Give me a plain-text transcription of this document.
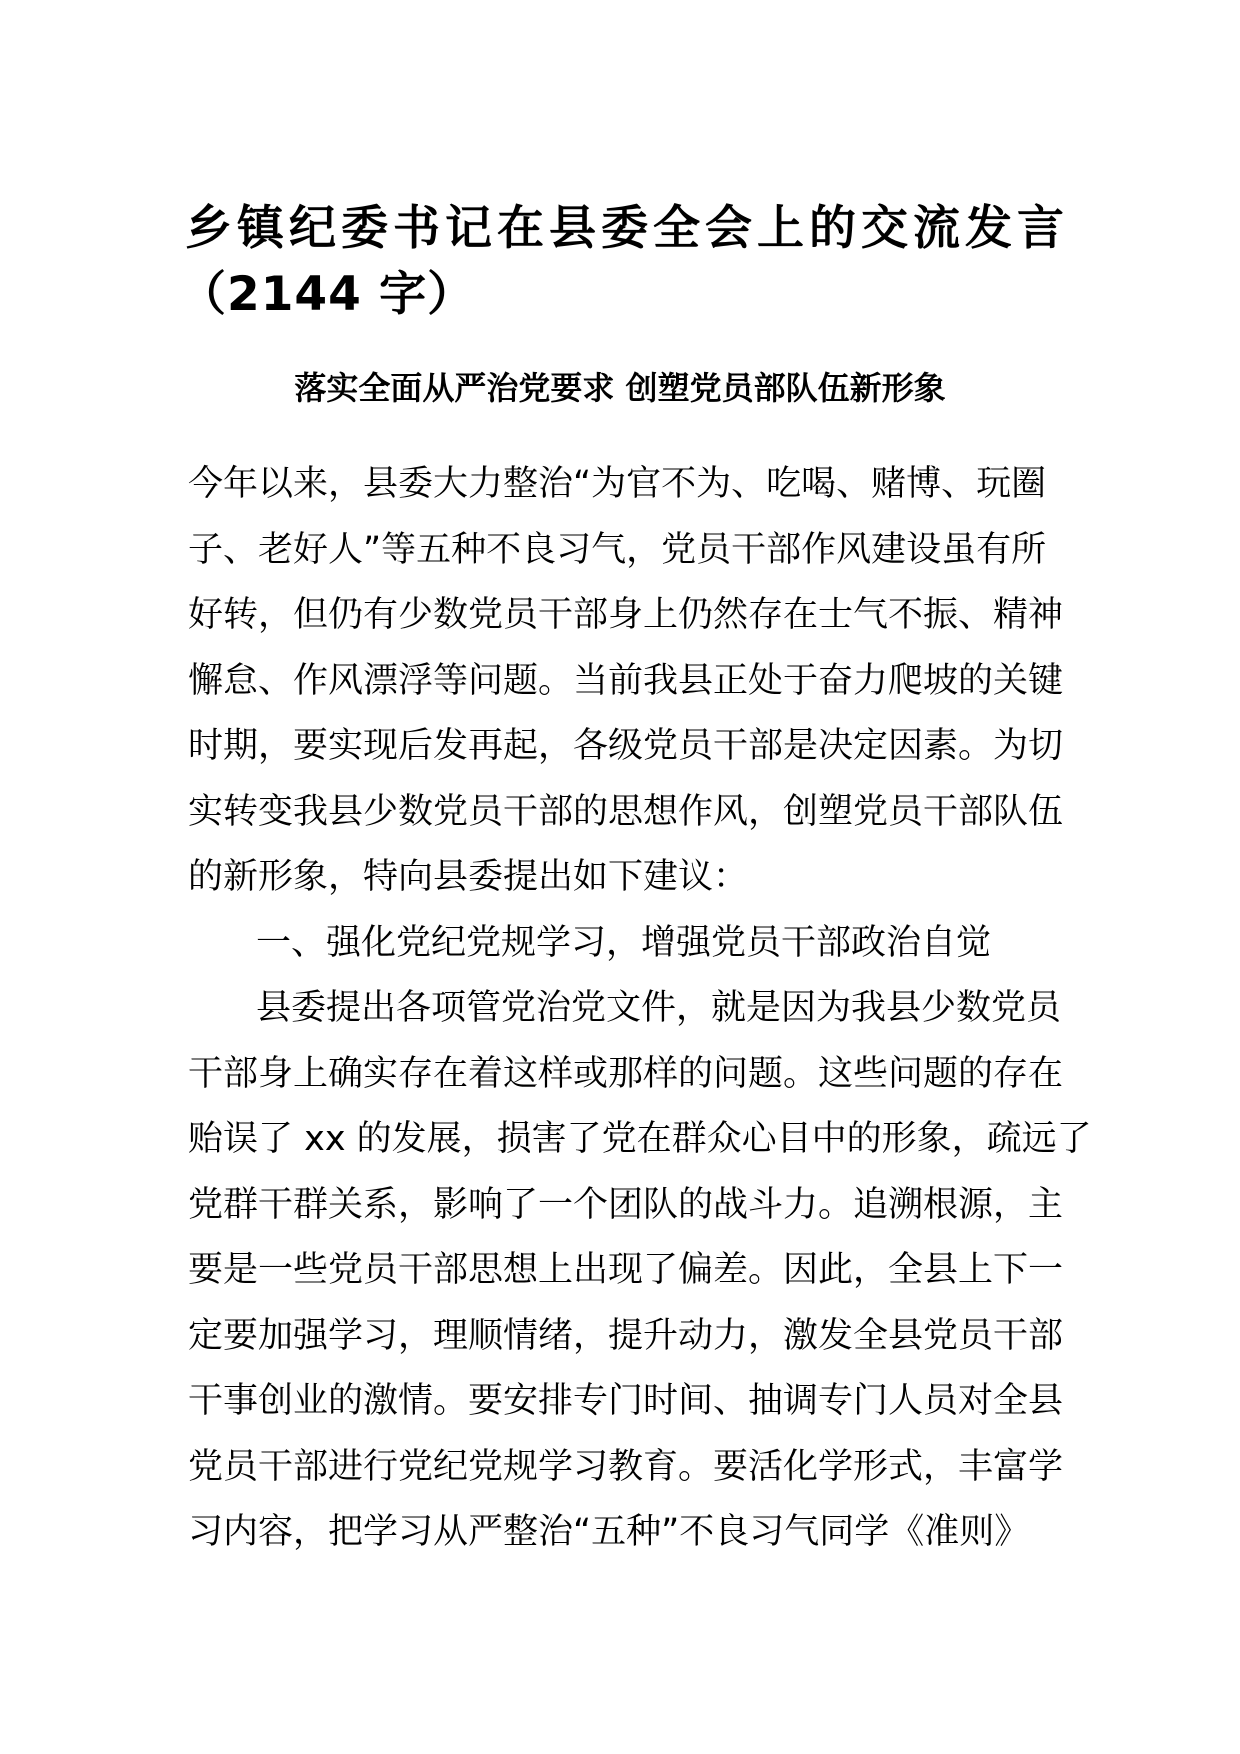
乡镇纪委书记在县委全会上的交流发言
（2144 字）
落实全面从严治党要求 创塑党员部队伍新形象
今年以来，县委大力整治“为官不为、吃喝、赌博、玩圈
子、老好人”等五种不良习气，党员干部作风建设虽有所
好转，但仍有少数党员干部身上仍然存在士气不振、精神
懈怠、作风漂浮等问题。当前我县正处于奋力爬坡的关键
时期，要实现后发再起，各级党员干部是决定因素。为切
实转变我县少数党员干部的思想作风，创塑党员干部队伍
的新形象，特向县委提出如下建议：
一、强化党纪党规学习，增强党员干部政治自觉
县委提出各项管党治党文件，就是因为我县少数党员
干部身上确实存在着这样或那样的问题。这些问题的存在
贻误了 xx 的发展，损害了党在群众心目中的形象，疏远了
党群干群关系，影响了一个团队的战斗力。追溯根源，主
要是一些党员干部思想上出现了偏差。因此，全县上下一
定要加强学习，理顺情绪，提升动力，激发全县党员干部
干事创业的激情。要安排专门时间、抽调专门人员对全县
党员干部进行党纪党规学习教育。要活化学形式，丰富学
习内容，把学习从严整治“五种”不良习气同学《准则》
